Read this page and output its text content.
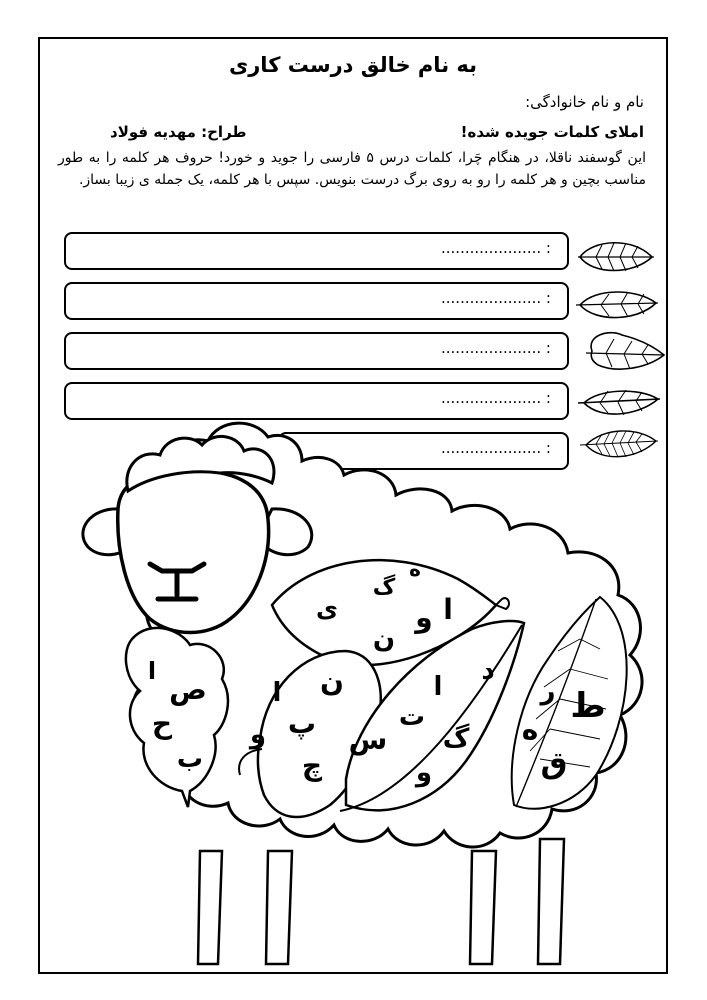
به نام خالق درست کاری
نام و نام خانوادگی:
املای کلمات جویده شده!
طراح: مهدیه فولاد
این گوسفند ناقلا، در هنگام چَرا، کلمات درس ۵ فارسی را جوید و خورد! حروف هر کلمه را به طور مناسب بچین و هر کلمه را رو به روی برگ درست بنویس. سپس با هر کلمه، یک جمله ی زیبا بساز.
..................... :
..................... :
..................... :
..................... :
..................... :
ه
گ
ی	و ا
ن
ا
ص
ح
ب
ن
ا
پ
و
چ
د
ا
ت
س گ
و
ط
ر
ه
ق
